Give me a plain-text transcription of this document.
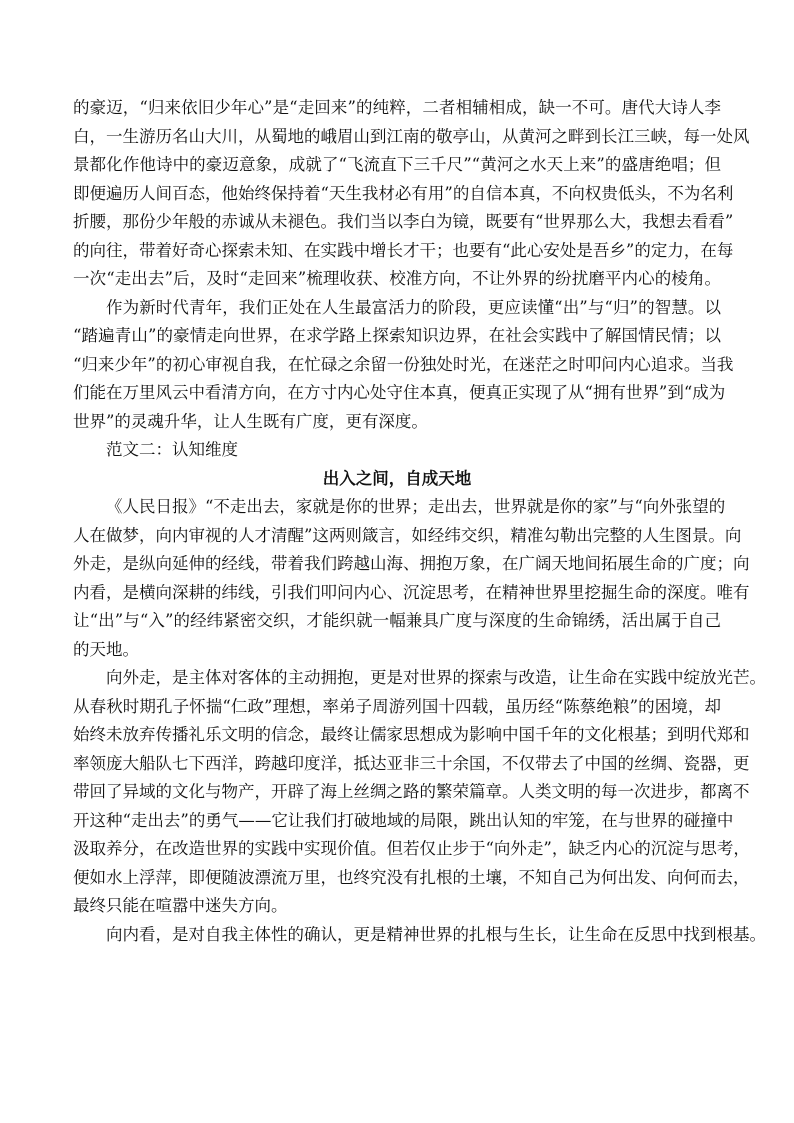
的豪迈，“归来依旧少年心”是“走回来”的纯粹，二者相辅相成，缺一不可。唐代大诗人李
白，一生游历名山大川，从蜀地的峨眉山到江南的敬亭山，从黄河之畔到长江三峡，每一处风
景都化作他诗中的豪迈意象，成就了“飞流直下三千尺”“黄河之水天上来”的盛唐绝唱；但
即便遍历人间百态，他始终保持着“天生我材必有用”的自信本真，不向权贵低头，不为名利
折腰，那份少年般的赤诚从未褪色。我们当以李白为镜，既要有“世界那么大，我想去看看”
的向往，带着好奇心探索未知、在实践中增长才干；也要有“此心安处是吾乡”的定力，在每
一次“走出去”后，及时“走回来”梳理收获、校准方向，不让外界的纷扰磨平内心的棱角。
作为新时代青年，我们正处在人生最富活力的阶段，更应读懂“出”与“归”的智慧。以
“踏遍青山”的豪情走向世界，在求学路上探索知识边界，在社会实践中了解国情民情；以
“归来少年”的初心审视自我，在忙碌之余留一份独处时光，在迷茫之时叩问内心追求。当我
们能在万里风云中看清方向，在方寸内心处守住本真，便真正实现了从“拥有世界”到“成为
世界”的灵魂升华，让人生既有广度，更有深度。
范文二：认知维度
出入之间，自成天地
《人民日报》“不走出去，家就是你的世界；走出去，世界就是你的家”与“向外张望的
人在做梦，向内审视的人才清醒”这两则箴言，如经纬交织，精准勾勒出完整的人生图景。向
外走，是纵向延伸的经线，带着我们跨越山海、拥抱万象，在广阔天地间拓展生命的广度；向
内看，是横向深耕的纬线，引我们叩问内心、沉淀思考，在精神世界里挖掘生命的深度。唯有
让“出”与“入”的经纬紧密交织，才能织就一幅兼具广度与深度的生命锦绣，活出属于自己
的天地。
向外走，是主体对客体的主动拥抱，更是对世界的探索与改造，让生命在实践中绽放光芒。
从春秋时期孔子怀揣“仁政”理想，率弟子周游列国十四载，虽历经“陈蔡绝粮”的困境，却
始终未放弃传播礼乐文明的信念，最终让儒家思想成为影响中国千年的文化根基；到明代郑和
率领庞大船队七下西洋，跨越印度洋，抵达亚非三十余国，不仅带去了中国的丝绸、瓷器，更
带回了异域的文化与物产，开辟了海上丝绸之路的繁荣篇章。人类文明的每一次进步，都离不
开这种“走出去”的勇气——它让我们打破地域的局限，跳出认知的牢笼，在与世界的碰撞中
汲取养分，在改造世界的实践中实现价值。但若仅止步于“向外走”，缺乏内心的沉淀与思考，
便如水上浮萍，即便随波漂流万里，也终究没有扎根的土壤，不知自己为何出发、向何而去，
最终只能在喧嚣中迷失方向。
向内看，是对自我主体性的确认，更是精神世界的扎根与生长，让生命在反思中找到根基。
